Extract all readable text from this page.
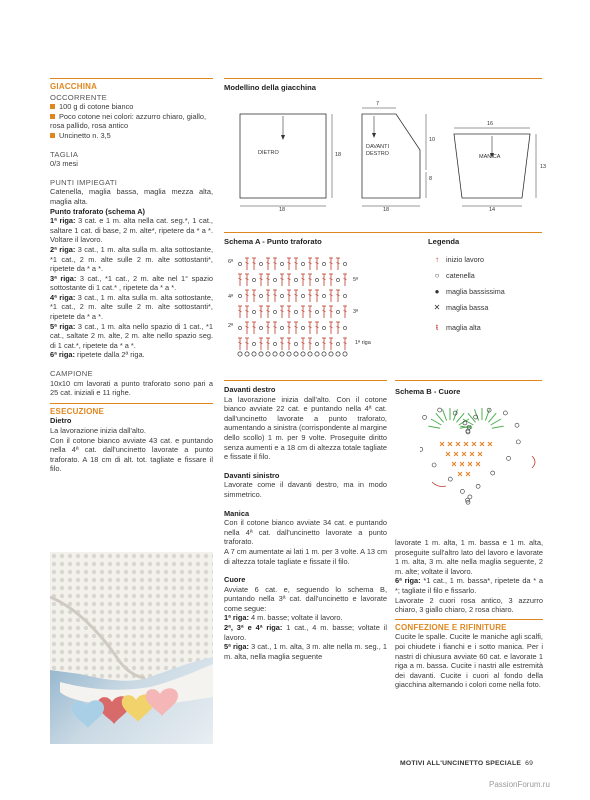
GIACCHINA
OCCORRENTE

100 g di cotone bianco

Poco cotone nei colori: azzurro chiaro, giallo, rosa pallido, rosa antico

Uncinetto n. 3,5

TAGLIA

0/3 mesi

PUNTI IMPIEGATI

Catenella, maglia bassa, maglia mezza alta, maglia alta.

Punto traforato (schema A)

1ª riga: 3 cat. e 1 m. alta nella cat. seg.*, 1 cat., saltare 1 cat. di base, 2 m. alte*, ripetere da * a *. Voltare il lavoro.

2ª riga: 3 cat., 1 m. alta sulla m. alta sottostante, *1 cat., 2 m. alte sulle 2 m. alte sottostanti*, ripetete da * a *.

3ª riga: 3 cat., *1 cat., 2 m. alte nel 1° spazio sottostante di 1 cat.* , ripetete da * a *.

4ª riga: 3 cat., 1 m. alta sulla m. alta sottostante, *1 cat., 2 m. alte sulle 2 m. alte sottostanti*, ripetete da * a *.

5ª riga: 3 cat., 1 m. alta nello spazio di 1 cat., *1 cat., saltate 2 m. alte, 2 m. alte nello spazio seg. di 1 cat.*, ripetete da * a *.

6ª riga: ripetete dalla 2ª riga.

CAMPIONE

10x10 cm lavorati a punto traforato sono pari a 25 cat. iniziali e 11 righe.

ESECUZIONE

Dietro

La lavorazione inizia dall'alto.

Con il cotone bianco avviate 43 cat. e puntando nella 4ª cat. dall'uncinetto lavorate a punto traforato. A 18 cm di alt. tot. tagliate e fissare il filo.

Modellino della giacchina
DIETRO
DAVANTI
DESTRO	MANICA
18
18
7
10
8
18
16
13
14
Schema A - Punto traforato
6ª
5ª
4ª
3ª
2ª
1ª riga
Legenda
↑ inizio lavoro
○ catenella
● maglia bassissima
✕ maglia bassa
ŧ	maglia alta

Davanti destro

La lavorazione inizia dall'alto. Con il cotone bianco avviate 22 cat. e puntando nella 4ª cat. dall'uncinetto lavorate a punto traforato, aumentando a sinistra (corrispondente al margine dello scollo) 1 m. per 9 volte. Proseguite diritto senza aumenti e a 18 cm di altezza totale tagliate e fissate il filo.

Davanti sinistro

Lavorate come il davanti destro, ma in modo simmetrico.

Manica

Con il cotone bianco avviate 34 cat. e puntando nella 4ª cat. dall'uncinetto lavorate a punto traforato.

A 7 cm aumentate ai lati 1 m. per 3 volte. A 13 cm di altezza totale tagliate e fissate il filo.

Cuore

Avviate 6 cat. e, seguendo lo schema B, puntando nella 3ª cat. dall'uncinetto e lavorate come segue:

1ª riga: 4 m. basse; voltate il lavoro.

2ª, 3ª e 4ª riga: 1 cat., 4 m. basse; voltate il lavoro.

5ª riga: 3 cat., 1 m. alta, 3 m. alte nella m. seg., 1 m. alta, nella maglia seguente

Schema B - Cuore

lavorate 1 m. alta, 1 m. bassa e 1 m. alta, proseguite sull'altro lato del lavoro e lavorate 1 m. alta, 3 m. alte nella maglia seguente, 2 m. alte; voltate il lavoro.

6ª riga: *1 cat., 1 m. bassa*, ripetete da * a *; tagliate il filo e fissarlo.

Lavorate 2 cuori rosa antico, 3 azzurro chiaro, 3 giallo chiaro, 2 rosa chiaro.

CONFEZIONE E RIFINITURE

Cucite le spalle. Cucite le maniche agli scalfi, poi chiudete i fianchi e i sotto manica. Per i nastri di chiusura avviate 60 cat. e lavorate 1 riga a m. bassa. Cucite i nastri alle estremità dei davanti. Cucite i cuori al fondo della giacchina alternando i colori come nella foto.

MOTIVI ALL'UNCINETTO SPECIALE 69
PassionForum.ru
